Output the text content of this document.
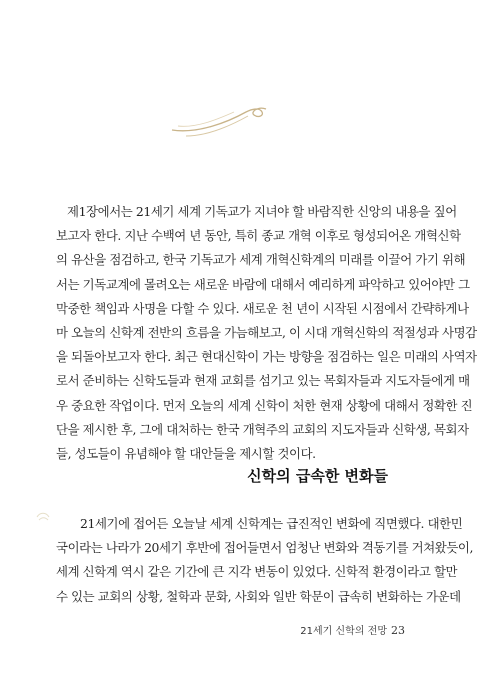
제1장에서는 21세기 세계 기독교가 지녀야 할 바람직한 신앙의 내용을 짚어
보고자 한다. 지난 수백여 년 동안, 특히 종교 개혁 이후로 형성되어온 개혁신학
의 유산을 점검하고, 한국 기독교가 세계 개혁신학계의 미래를 이끌어 가기 위해
서는 기독교계에 몰려오는 새로운 바람에 대해서 예리하게 파악하고 있어야만 그
막중한 책임과 사명을 다할 수 있다. 새로운 천 년이 시작된 시점에서 간략하게나
마 오늘의 신학계 전반의 흐름을 가늠해보고, 이 시대 개혁신학의 적절성과 사명감
을 되돌아보고자 한다. 최근 현대신학이 가는 방향을 점검하는 일은 미래의 사역자
로서 준비하는 신학도들과 현재 교회를 섬기고 있는 목회자들과 지도자들에게 매
우 중요한 작업이다. 먼저 오늘의 세계 신학이 처한 현재 상황에 대해서 정확한 진
단을 제시한 후, 그에 대처하는 한국 개혁주의 교회의 지도자들과 신학생, 목회자
들, 성도들이 유념해야 할 대안들을 제시할 것이다.
신학의 급속한 변화들
21세기에 접어든 오늘날 세계 신학계는 급진적인 변화에 직면했다. 대한민
국이라는 나라가 20세기 후반에 접어들면서 엄청난 변화와 격동기를 거쳐왔듯이,
세계 신학계 역시 같은 기간에 큰 지각 변동이 있었다. 신학적 환경이라고 할만
수 있는 교회의 상황, 철학과 문화, 사회와 일반 학문이 급속히 변화하는 가운데
21세기 신학의 전망 23
